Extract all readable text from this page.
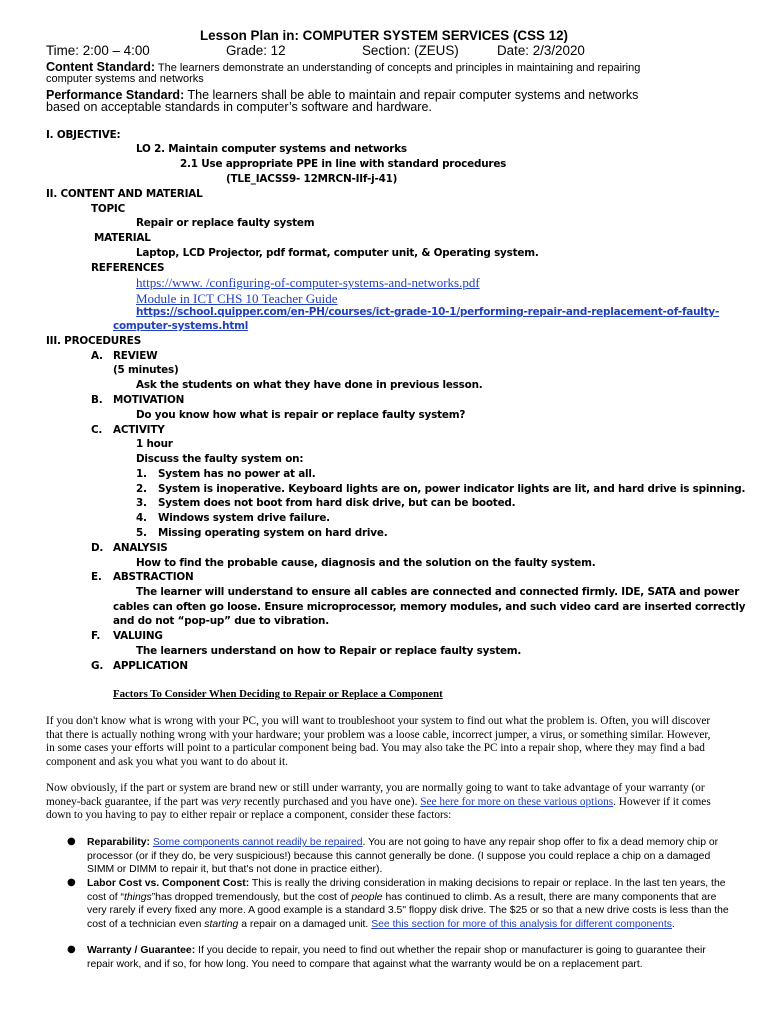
Lesson Plan in: COMPUTER SYSTEM SERVICES (CSS 12)
Time: 2:00 – 4:00	Grade: 12	Section: (ZEUS)	Date: 2/3/2020
Content Standard: The learners demonstrate an understanding of concepts and principles in maintaining and repairing
computer systems and networks
Performance Standard: The learners shall be able to maintain and repair computer systems and networks
based on acceptable standards in computer’s software and hardware.
I. OBJECTIVE:
LO 2. Maintain computer systems and networks
2.1 Use appropriate PPE in line with standard procedures
(TLE_IACSS9- 12MRCN-IIf-j-41)
II. CONTENT AND MATERIAL
TOPIC
Repair or replace faulty system
MATERIAL
Laptop, LCD Projector, pdf format, computer unit, & Operating system.
REFERENCES
https://www. /configuring-of-computer-systems-and-networks.pdf
Module in ICT CHS 10 Teacher Guide
https://school.quipper.com/en-PH/courses/ict-grade-10-1/performing-repair-and-replacement-of-faulty-
computer-systems.html
III. PROCEDURES
A. REVIEW
(5 minutes)
Ask the students on what they have done in previous lesson.
B. MOTIVATION
Do you know how what is repair or replace faulty system?
C. ACTIVITY
1 hour
Discuss the faulty system on:
1. System has no power at all.
2. System is inoperative. Keyboard lights are on, power indicator lights are lit, and hard drive is spinning.
3. System does not boot from hard disk drive, but can be booted.
4. Windows system drive failure.
5. Missing operating system on hard drive.
D. ANALYSIS
How to find the probable cause, diagnosis and the solution on the faulty system.
E. ABSTRACTION
The learner will understand to ensure all cables are connected and connected firmly. IDE, SATA and power
cables can often go loose. Ensure microprocessor, memory modules, and such video card are inserted correctly
and do not “pop-up” due to vibration.
F. VALUING
The learners understand on how to Repair or replace faulty system.
G. APPLICATION
Factors To Consider When Deciding to Repair or Replace a Component
If you don't know what is wrong with your PC, you will want to troubleshoot your system to find out what the problem is. Often, you will discover that there is actually nothing wrong with your hardware; your problem was a loose cable, incorrect jumper, a virus, or something similar. However, in some cases your efforts will point to a particular component being bad. You may also take the PC into a repair shop, where they may find a bad component and ask you what you want to do about it.
Now obviously, if the part or system are brand new or still under warranty, you are normally going to want to take advantage of your warranty (or money-back guarantee, if the part was very recently purchased and you have one). See here for more on these various options. However if it comes down to you having to pay to either repair or replace a component, consider these factors:
● Reparability: Some components cannot readily be repaired. You are not going to have any repair shop offer to fix a dead memory chip or processor (or if they do, be very suspicious!) because this cannot generally be done. (I suppose you could replace a chip on a damaged SIMM or DIMM to repair it, but that's not done in practice either).
● Labor Cost vs. Component Cost: This is really the driving consideration in making decisions to repair or replace. In the last ten years, the cost of “things”has dropped tremendously, but the cost of people has continued to climb. As a result, there are many components that are very rarely if every fixed any more. A good example is a standard 3.5" floppy disk drive. The $25 or so that a new drive costs is less than the cost of a technician even starting a repair on a damaged unit. See this section for more of this analysis for different components.
● Warranty / Guarantee: If you decide to repair, you need to find out whether the repair shop or manufacturer is going to guarantee their repair work, and if so, for how long. You need to compare that against what the warranty would be on a replacement part.
